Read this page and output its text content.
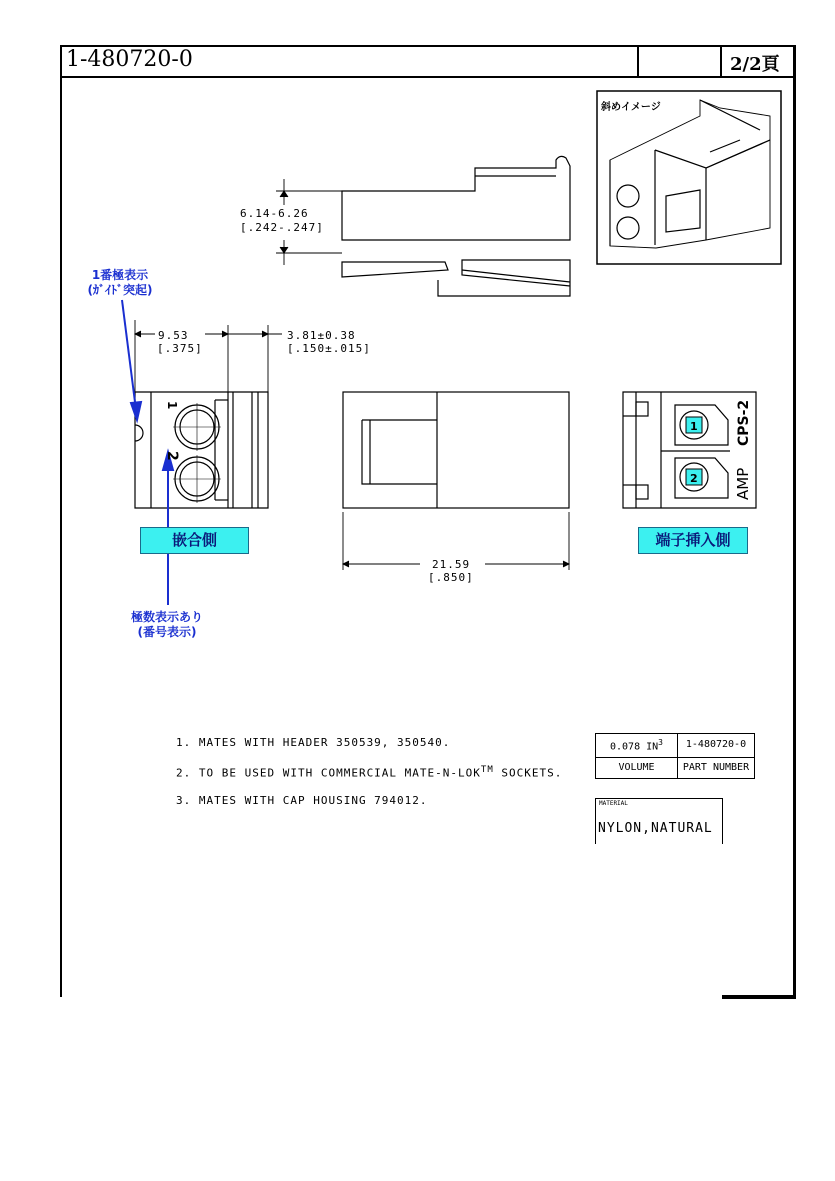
1-480720-0	2/2頁
6.14-6.26
[.242-.247]
9.53
[.375]
3.81±0.38
[.150±.015]
21.59
[.850]
1
2
1
2 AMP
CPS-2
斜めイメージ
1番極表示
(ｶﾞｲﾄﾞ突起)
嵌合側	端子挿入側
極数表示あり
(番号表示)
1. MATES WITH HEADER 350539, 350540.
2. TO BE USED WITH COMMERCIAL MATE-N-LOK™ SOCKETS.
3. MATES WITH CAP HOUSING 794012.
0.078 $IN^3$	1-480720-0
VOLUME	PART NUMBER
MATERIAL
NYLON,NATURAL
